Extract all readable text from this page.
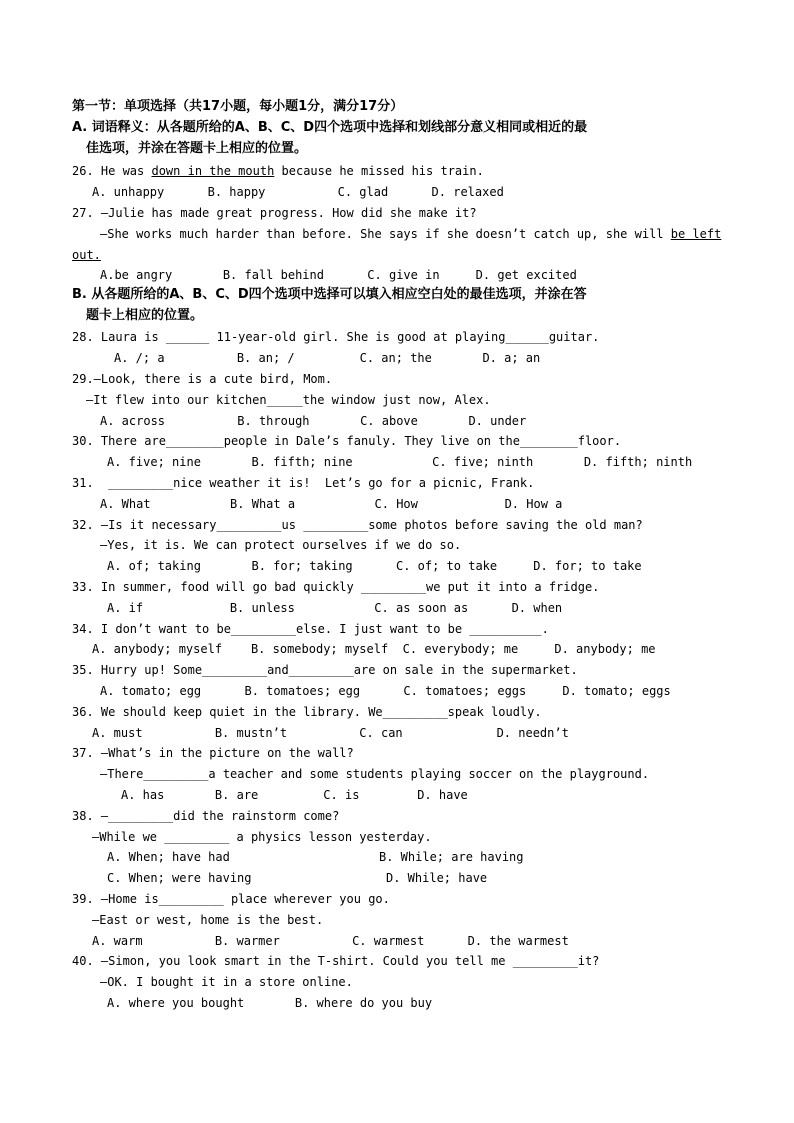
第一节：单项选择（共17小题，每小题1分，满分17分）
A. 词语释义：从各题所给的A、B、C、D四个选项中选择和划线部分意义相同或相近的最
佳选项，并涂在答题卡上相应的位置。
26. He was down in the mouth because he missed his train.
A. unhappy      B. happy          C. glad      D. relaxed
27. —Julie has made great progress. How did she make it?
—She works much harder than before. She says if she doesn’t catch up, she will be left
out.
A.be angry       B. fall behind      C. give in     D. get excited
B. 从各题所给的A、B、C、D四个选项中选择可以填入相应空白处的最佳选项，并涂在答
题卡上相应的位置。
28. Laura is ______ 11-year-old girl. She is good at playing______guitar.
A. /; a          B. an; /         C. an; the       D. a; an
29.—Look, there is a cute bird, Mom.
—It flew into our kitchen_____the window just now, Alex.
A. across          B. through       C. above       D. under
30. There are________people in Dale’s fanuly. They live on the________floor.
A. five; nine       B. fifth; nine           C. five; ninth       D. fifth; ninth
31.  _________nice weather it is!  Let’s go for a picnic, Frank.
A. What           B. What a           C. How            D. How a
32. —Is it necessary_________us _________some photos before saving the old man?
—Yes, it is. We can protect ourselves if we do so.
A. of; taking       B. for; taking      C. of; to take     D. for; to take
33. In summer, food will go bad quickly _________we put it into a fridge.
A. if            B. unless           C. as soon as      D. when
34. I don’t want to be_________else. I just want to be __________.
A. anybody; myself    B. somebody; myself  C. everybody; me     D. anybody; me
35. Hurry up! Some_________and_________are on sale in the supermarket.
A. tomato; egg      B. tomatoes; egg      C. tomatoes; eggs     D. tomato; eggs
36. We should keep quiet in the library. We_________speak loudly.
A. must          B. mustn’t          C. can             D. needn’t
37. —What’s in the picture on the wall?
—There_________a teacher and some students playing soccer on the playground.
A. has       B. are         C. is        D. have
38. —_________did the rainstorm come?
—While we _________ a physics lesson yesterday.
A. When; have had	B. While; are having
C. When; were having	D. While; have
39. —Home is_________ place wherever you go.
—East or west, home is the best.
A. warm          B. warmer          C. warmest      D. the warmest
40. —Simon, you look smart in the T-shirt. Could you tell me _________it?
—OK. I bought it in a store online.
A. where you bought       B. where do you buy
